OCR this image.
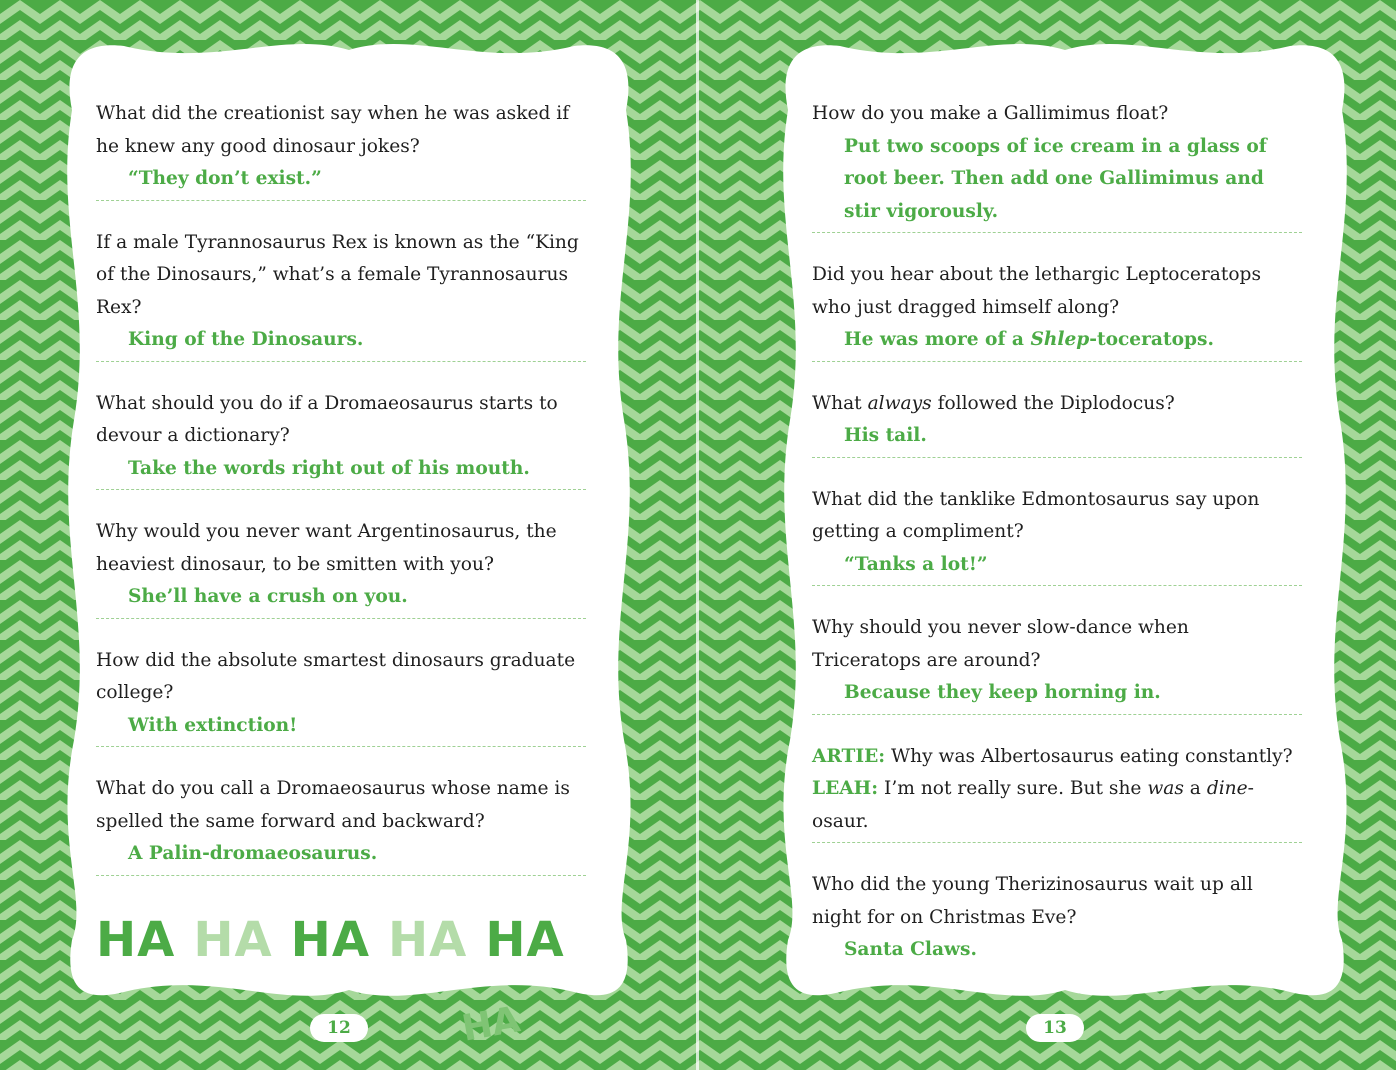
What did the creationist say when he was asked if he knew any good dinosaur jokes?
“They don’t exist.”
If a male Tyrannosaurus Rex is known as the “King of the Dinosaurs,” what’s a female Tyrannosaurus Rex?
King of the Dinosaurs.
What should you do if a Dromaeosaurus starts to devour a dictionary?
Take the words right out of his mouth.
Why would you never want Argentinosaurus, the heaviest dinosaur, to be smitten with you?
She’ll have a crush on you.
How did the absolute smartest dinosaurs graduate college?
With extinction!
What do you call a Dromaeosaurus whose name is spelled the same forward and backward?
A Palin-dromaeosaurus.
HA HA HA HA HA
How do you make a Gallimimus float?
Put two scoops of ice cream in a glass of root beer. Then add one Gallimimus and stir vigorously.
Did you hear about the lethargic Leptoceratops who just dragged himself along?
He was more of a Shlep-toceratops.
What always followed the Diplodocus?
His tail.
What did the tanklike Edmontosaurus say upon getting a compliment?
“Tanks a lot!”
Why should you never slow-dance when Triceratops are around?
Because they keep horning in.
ARTIE: Why was Albertosaurus eating constantly?
LEAH: I’m not really sure. But she was a dine-osaur.
Who did the young Therizinosaurus wait up all night for on Christmas Eve?
Santa Claws.
12	HA	13
